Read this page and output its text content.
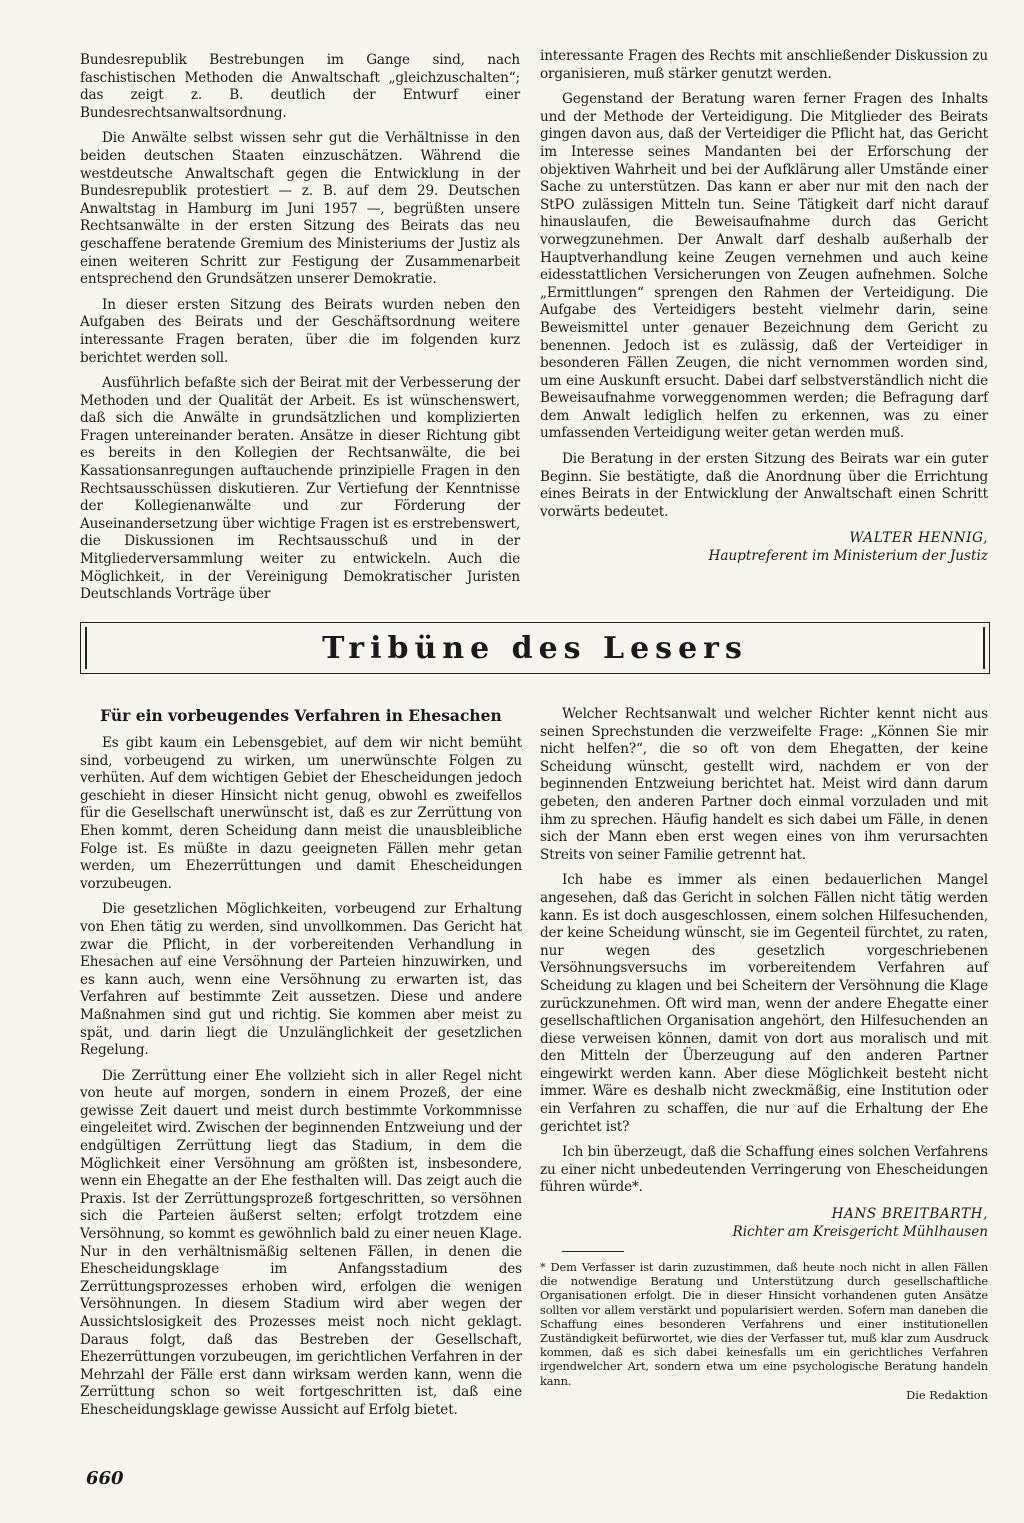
Bundesrepublik Bestrebungen im Gange sind, nach faschistischen Methoden die Anwaltschaft „gleichzuschalten“; das zeigt z. B. deutlich der Entwurf einer Bundesrechtsanwaltsordnung.

Die Anwälte selbst wissen sehr gut die Verhältnisse in den beiden deutschen Staaten einzuschätzen. Während die westdeutsche Anwaltschaft gegen die Entwicklung in der Bundesrepublik protestiert — z. B. auf dem 29. Deutschen Anwaltstag in Hamburg im Juni 1957 —, begrüßten unsere Rechtsanwälte in der ersten Sitzung des Beirats das neu geschaffene beratende Gremium des Ministeriums der Justiz als einen weiteren Schritt zur Festigung der Zusammenarbeit entsprechend den Grundsätzen unserer Demokratie.

In dieser ersten Sitzung des Beirats wurden neben den Aufgaben des Beirats und der Geschäftsordnung weitere interessante Fragen beraten, über die im folgenden kurz berichtet werden soll.

Ausführlich befaßte sich der Beirat mit der Verbesserung der Methoden und der Qualität der Arbeit. Es ist wünschenswert, daß sich die Anwälte in grundsätzlichen und komplizierten Fragen untereinander beraten. Ansätze in dieser Richtung gibt es bereits in den Kollegien der Rechtsanwälte, die bei Kassationsanregungen auftauchende prinzipielle Fragen in den Rechtsausschüssen diskutieren. Zur Vertiefung der Kenntnisse der Kollegienanwälte und zur Förderung der Auseinandersetzung über wichtige Fragen ist es erstrebenswert, die Diskussionen im Rechtsausschuß und in der Mitgliederversammlung weiter zu entwickeln. Auch die Möglichkeit, in der Vereinigung Demokratischer Juristen Deutschlands Vorträge über

interessante Fragen des Rechts mit anschließender Diskussion zu organisieren, muß stärker genutzt werden.

Gegenstand der Beratung waren ferner Fragen des Inhalts und der Methode der Verteidigung. Die Mitglieder des Beirats gingen davon aus, daß der Verteidiger die Pflicht hat, das Gericht im Interesse seines Mandanten bei der Erforschung der objektiven Wahrheit und bei der Aufklärung aller Umstände einer Sache zu unterstützen. Das kann er aber nur mit den nach der StPO zulässigen Mitteln tun. Seine Tätigkeit darf nicht darauf hinauslaufen, die Beweisaufnahme durch das Gericht vorwegzunehmen. Der Anwalt darf deshalb außerhalb der Hauptverhandlung keine Zeugen vernehmen und auch keine eidesstattlichen Versicherungen von Zeugen aufnehmen. Solche „Ermittlungen“ sprengen den Rahmen der Verteidigung. Die Aufgabe des Verteidigers besteht vielmehr darin, seine Beweismittel unter genauer Bezeichnung dem Gericht zu benennen. Jedoch ist es zulässig, daß der Verteidiger in besonderen Fällen Zeugen, die nicht vernommen worden sind, um eine Auskunft ersucht. Dabei darf selbstverständlich nicht die Beweisaufnahme vorweggenommen werden; die Befragung darf dem Anwalt lediglich helfen zu erkennen, was zu einer umfassenden Verteidigung weiter getan werden muß.

Die Beratung in der ersten Sitzung des Beirats war ein guter Beginn. Sie bestätigte, daß die Anordnung über die Errichtung eines Beirats in der Entwicklung der Anwaltschaft einen Schritt vorwärts bedeutet.

WALTER HENNIG,
Hauptreferent im Ministerium der Justiz
Tribüne des Lesers
Für ein vorbeugendes Verfahren in Ehesachen

Es gibt kaum ein Lebensgebiet, auf dem wir nicht bemüht sind, vorbeugend zu wirken, um unerwünschte Folgen zu verhüten. Auf dem wichtigen Gebiet der Ehescheidungen jedoch geschieht in dieser Hinsicht nicht genug, obwohl es zweifellos für die Gesellschaft unerwünscht ist, daß es zur Zerrüttung von Ehen kommt, deren Scheidung dann meist die unausbleibliche Folge ist. Es müßte in dazu geeigneten Fällen mehr getan werden, um Ehezerrüttungen und damit Ehescheidungen vorzubeugen.

Die gesetzlichen Möglichkeiten, vorbeugend zur Erhaltung von Ehen tätig zu werden, sind unvollkommen. Das Gericht hat zwar die Pflicht, in der vorbereitenden Verhandlung in Ehesachen auf eine Versöhnung der Parteien hinzuwirken, und es kann auch, wenn eine Versöhnung zu erwarten ist, das Verfahren auf bestimmte Zeit aussetzen. Diese und andere Maßnahmen sind gut und richtig. Sie kommen aber meist zu spät, und darin liegt die Unzulänglichkeit der gesetzlichen Regelung.

Die Zerrüttung einer Ehe vollzieht sich in aller Regel nicht von heute auf morgen, sondern in einem Prozeß, der eine gewisse Zeit dauert und meist durch bestimmte Vorkommnisse eingeleitet wird. Zwischen der beginnenden Entzweiung und der endgültigen Zerrüttung liegt das Stadium, in dem die Möglichkeit einer Versöhnung am größten ist, insbesondere, wenn ein Ehegatte an der Ehe festhalten will. Das zeigt auch die Praxis. Ist der Zerrüttungsprozeß fortgeschritten, so versöhnen sich die Parteien äußerst selten; erfolgt trotzdem eine Versöhnung, so kommt es gewöhnlich bald zu einer neuen Klage. Nur in den verhältnismäßig seltenen Fällen, in denen die Ehescheidungsklage im Anfangsstadium des Zerrüttungsprozesses erhoben wird, erfolgen die wenigen Versöhnungen. In diesem Stadium wird aber wegen der Aussichtslosigkeit des Prozesses meist noch nicht geklagt. Daraus folgt, daß das Bestreben der Gesellschaft, Ehezerrüttungen vorzubeugen, im gerichtlichen Verfahren in der Mehrzahl der Fälle erst dann wirksam werden kann, wenn die Zerrüttung schon so weit fortgeschritten ist, daß eine Ehescheidungsklage gewisse Aussicht auf Erfolg bietet.

Welcher Rechtsanwalt und welcher Richter kennt nicht aus seinen Sprechstunden die verzweifelte Frage: „Können Sie mir nicht helfen?“, die so oft von dem Ehegatten, der keine Scheidung wünscht, gestellt wird, nachdem er von der beginnenden Entzweiung berichtet hat. Meist wird dann darum gebeten, den anderen Partner doch einmal vorzuladen und mit ihm zu sprechen. Häufig handelt es sich dabei um Fälle, in denen sich der Mann eben erst wegen eines von ihm verursachten Streits von seiner Familie getrennt hat.

Ich habe es immer als einen bedauerlichen Mangel angesehen, daß das Gericht in solchen Fällen nicht tätig werden kann. Es ist doch ausgeschlossen, einem solchen Hilfesuchenden, der keine Scheidung wünscht, sie im Gegenteil fürchtet, zu raten, nur wegen des gesetzlich vorgeschriebenen Versöhnungsversuchs im vorbereitendem Verfahren auf Scheidung zu klagen und bei Scheitern der Versöhnung die Klage zurückzunehmen. Oft wird man, wenn der andere Ehegatte einer gesellschaftlichen Organisation angehört, den Hilfesuchenden an diese verweisen können, damit von dort aus moralisch und mit den Mitteln der Überzeugung auf den anderen Partner eingewirkt werden kann. Aber diese Möglichkeit besteht nicht immer. Wäre es deshalb nicht zweckmäßig, eine Institution oder ein Verfahren zu schaffen, die nur auf die Erhaltung der Ehe gerichtet ist?

Ich bin überzeugt, daß die Schaffung eines solchen Verfahrens zu einer nicht unbedeutenden Verringerung von Ehescheidungen führen würde*.

HANS BREITBARTH,
Richter am Kreisgericht Mühlhausen

* Dem Verfasser ist darin zuzustimmen, daß heute noch nicht in allen Fällen die notwendige Beratung und Unterstützung durch gesellschaftliche Organisationen erfolgt. Die in dieser Hinsicht vorhandenen guten Ansätze sollten vor allem verstärkt und popularisiert werden. Sofern man daneben die Schaffung eines besonderen Verfahrens und einer institutionellen Zuständigkeit befürwortet, wie dies der Verfasser tut, muß klar zum Ausdruck kommen, daß es sich dabei keinesfalls um ein gerichtliches Verfahren irgendwelcher Art, sondern etwa um eine psychologische Beratung handeln kann.

Die Redaktion
660
